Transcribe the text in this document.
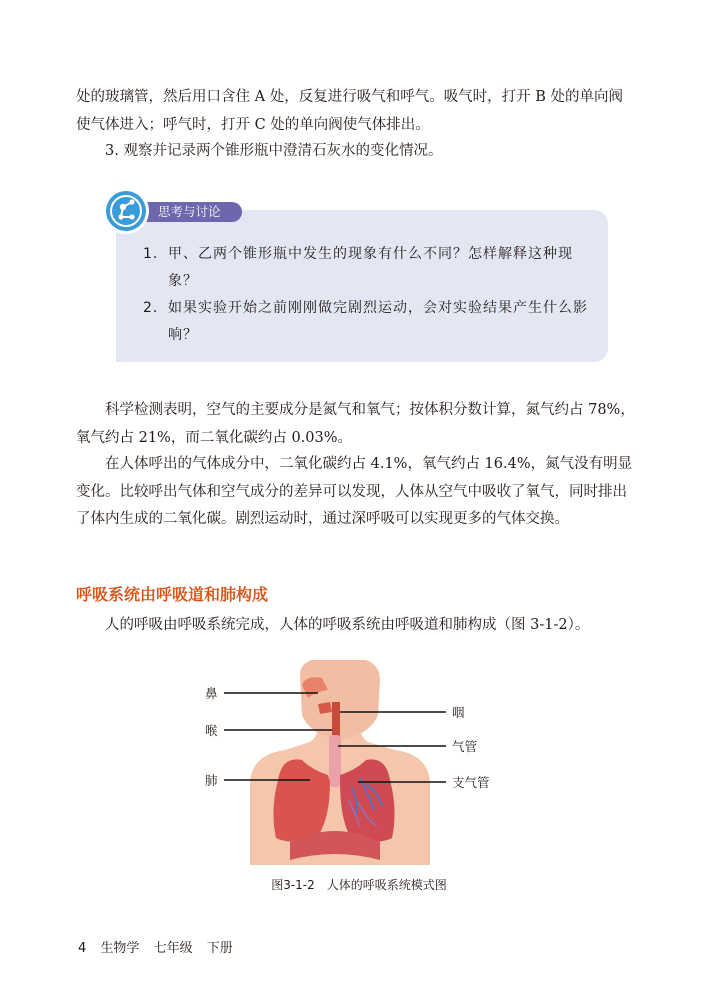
处的玻璃管，然后用口含住 A 处，反复进行吸气和呼气。吸气时，打开 B 处的单向阀使气体进入；呼气时，打开 C 处的单向阀使气体排出。

3. 观察并记录两个锥形瓶中澄清石灰水的变化情况。

思考与讨论
1. 甲、乙两个锥形瓶中发生的现象有什么不同？怎样解释这种现象？
2. 如果实验开始之前刚刚做完剧烈运动，会对实验结果产生什么影响？

科学检测表明，空气的主要成分是氮气和氧气；按体积分数计算，氮气约占 78%，氧气约占 21%，而二氧化碳约占 0.03%。

在人体呼出的气体成分中，二氧化碳约占 4.1%，氧气约占 16.4%，氮气没有明显变化。比较呼出气体和空气成分的差异可以发现，人体从空气中吸收了氧气，同时排出了体内生成的二氧化碳。剧烈运动时，通过深呼吸可以实现更多的气体交换。

呼吸系统由呼吸道和肺构成

人的呼吸由呼吸系统完成，人体的呼吸系统由呼吸道和肺构成（图 3-1-2）。

鼻
喉
肺
咽
气管
支气管
图3-1-2　人体的呼吸系统模式图
4 生物学 七年级 下册
